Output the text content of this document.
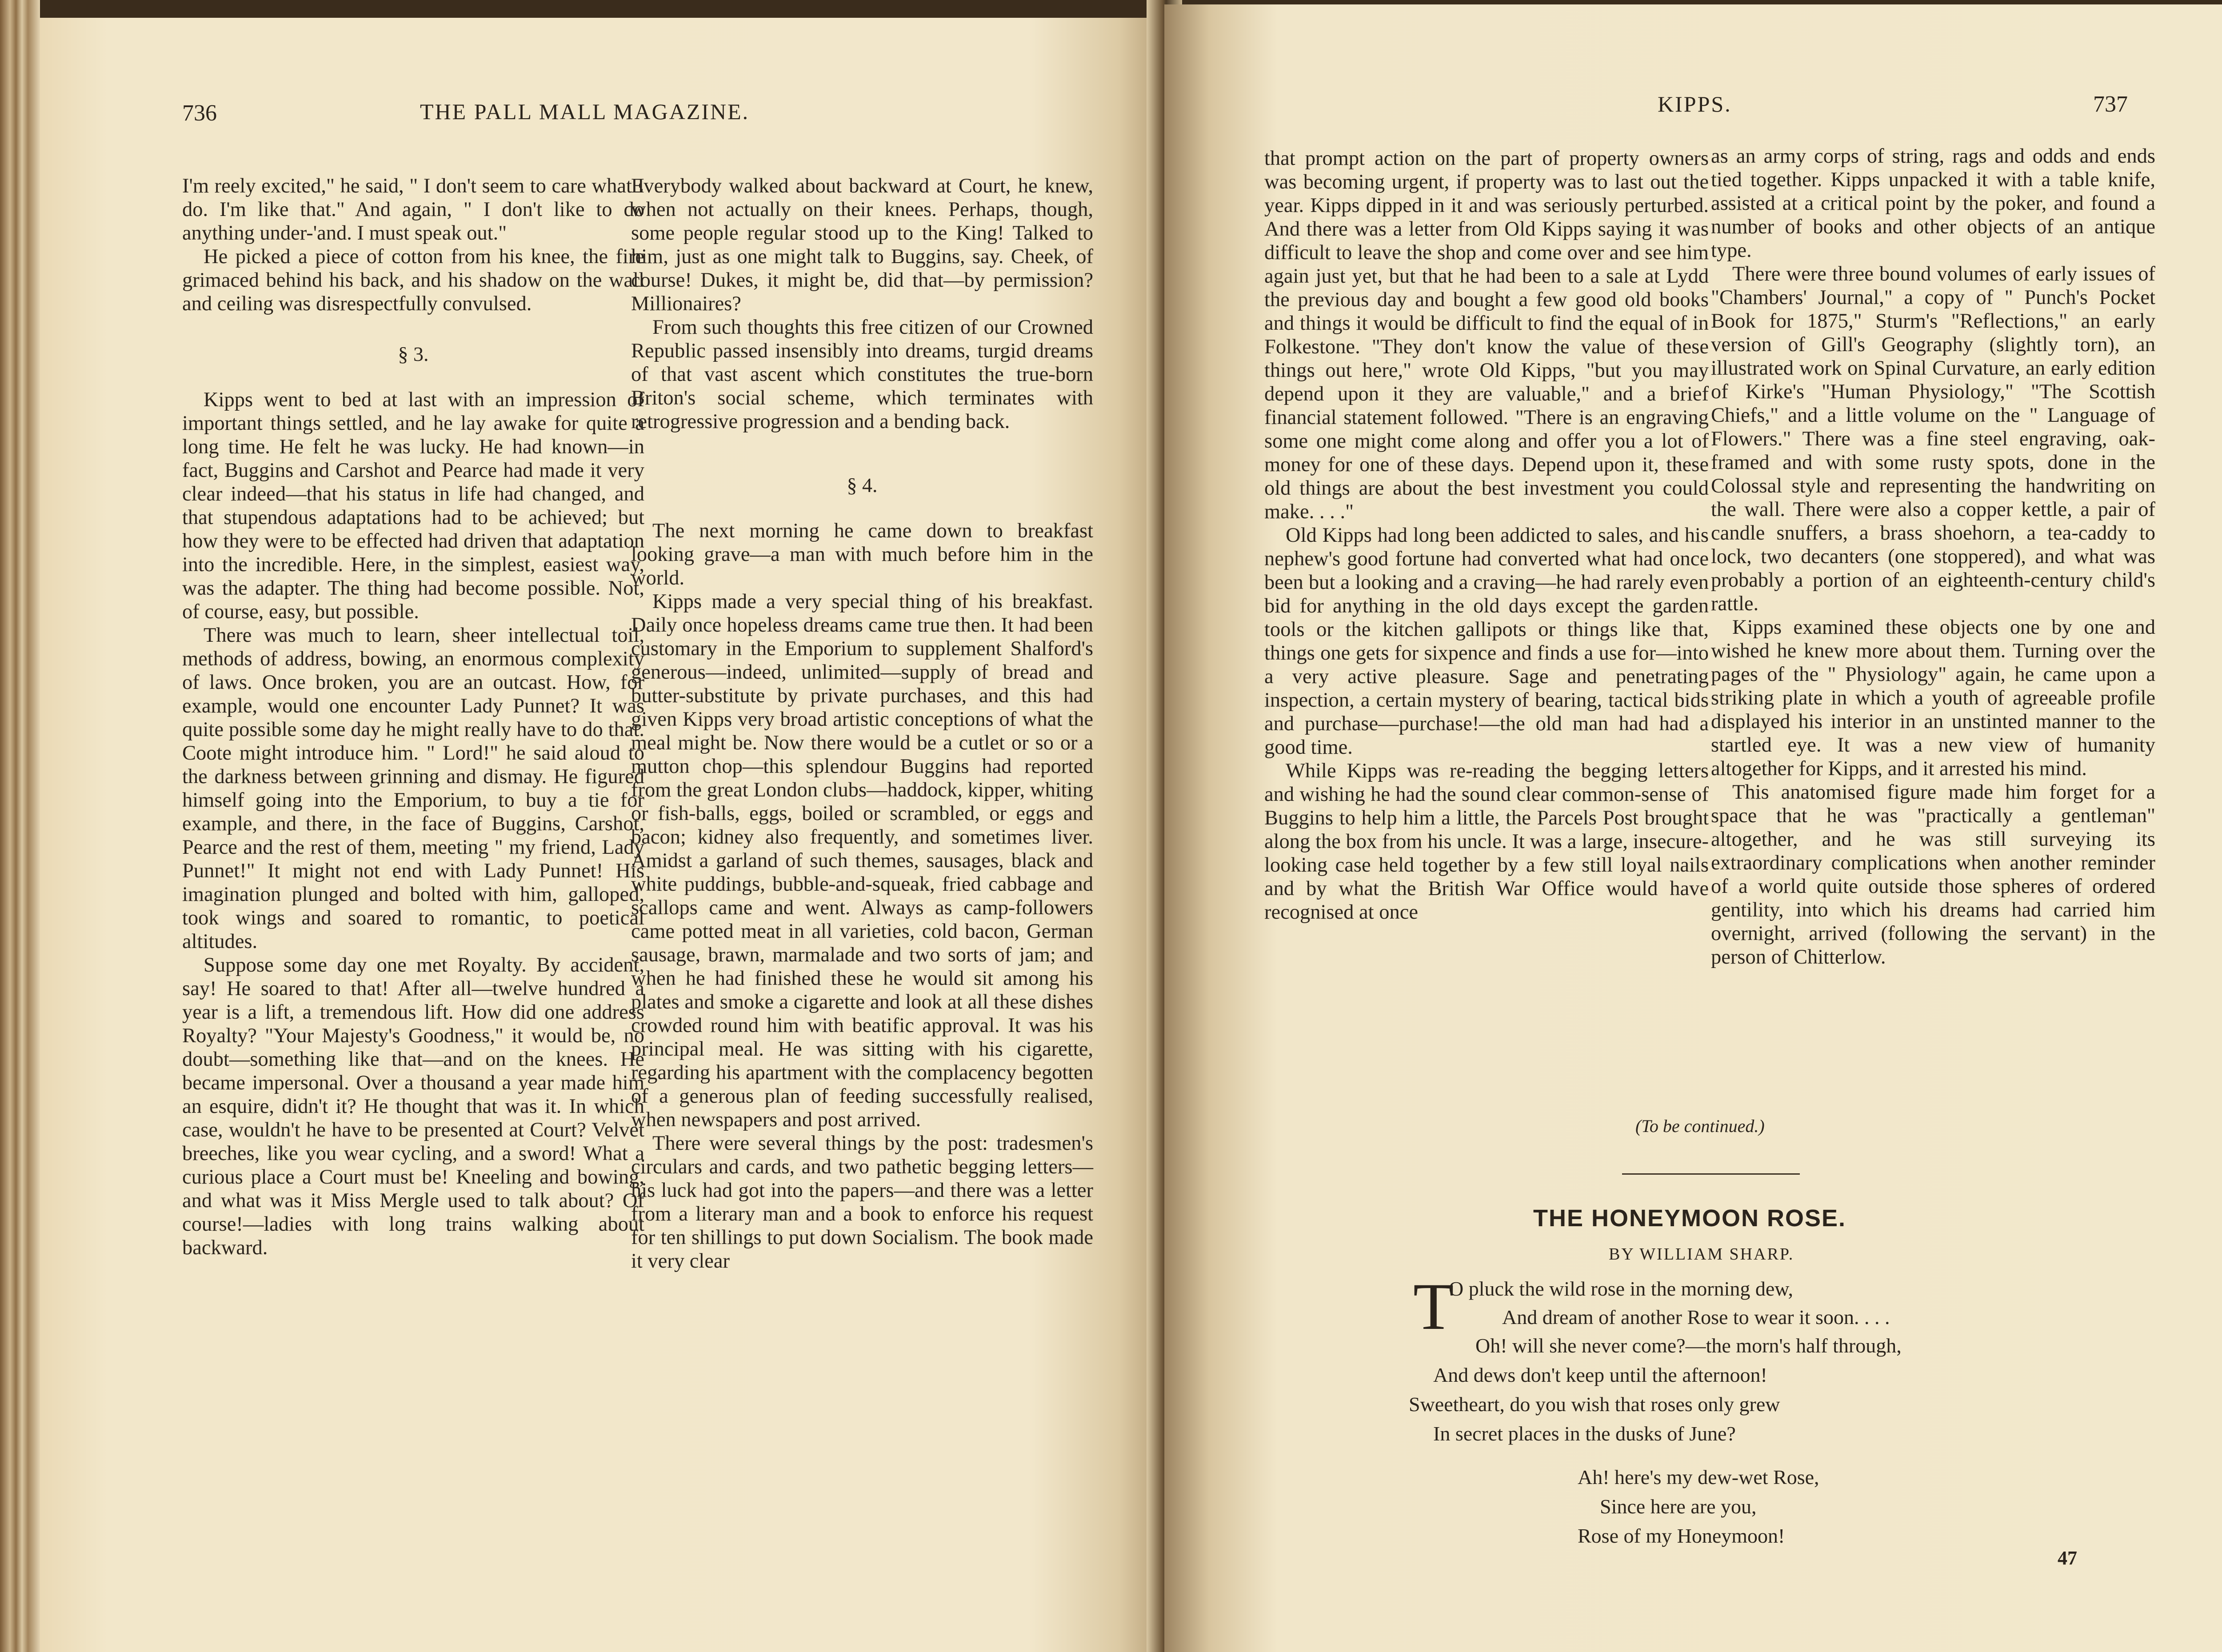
736	THE PALL MALL MAGAZINE.

I'm reely excited," he said, " I don't seem to care what I do. I'm like that." And again, " I don't like to do anything under-'and. I must speak out."

He picked a piece of cotton from his knee, the fire grimaced behind his back, and his shadow on the wall and ceiling was disrespectfully convulsed.

§ 3.

Kipps went to bed at last with an impression of important things settled, and he lay awake for quite a long time. He felt he was lucky. He had known—in fact, Buggins and Carshot and Pearce had made it very clear indeed—that his status in life had changed, and that stupendous adaptations had to be achieved; but how they were to be effected had driven that adaptation into the incredible. Here, in the simplest, easiest way, was the adapter. The thing had become possible. Not, of course, easy, but possible.

There was much to learn, sheer intellectual toil, methods of address, bowing, an enormous complexity of laws. Once broken, you are an outcast. How, for example, would one encounter Lady Punnet? It was quite possible some day he might really have to do that. Coote might introduce him. " Lord!" he said aloud to the darkness between grinning and dismay. He figured himself going into the Emporium, to buy a tie for example, and there, in the face of Buggins, Carshot, Pearce and the rest of them, meeting " my friend, Lady Punnet!" It might not end with Lady Punnet! His imagination plunged and bolted with him, galloped, took wings and soared to romantic, to poetical altitudes.

Suppose some day one met Royalty. By accident, say! He soared to that! After all—twelve hundred a year is a lift, a tremendous lift. How did one address Royalty? "Your Majesty's Goodness," it would be, no doubt—something like that—and on the knees. He became impersonal. Over a thousand a year made him an esquire, didn't it? He thought that was it. In which case, wouldn't he have to be presented at Court? Velvet breeches, like you wear cycling, and a sword! What a curious place a Court must be! Kneeling and bowing, and what was it Miss Mergle used to talk about? Of course!—ladies with long trains walking about backward.

Everybody walked about backward at Court, he knew, when not actually on their knees. Perhaps, though, some people regular stood up to the King! Talked to him, just as one might talk to Buggins, say. Cheek, of course! Dukes, it might be, did that—by permission? Millionaires?

From such thoughts this free citizen of our Crowned Republic passed insensibly into dreams, turgid dreams of that vast ascent which constitutes the true-born Briton's social scheme, which terminates with retrogressive progression and a bending back.

§ 4.

The next morning he came down to breakfast looking grave—a man with much before him in the world.

Kipps made a very special thing of his breakfast. Daily once hopeless dreams came true then. It had been customary in the Emporium to supplement Shalford's generous—indeed, unlimited—supply of bread and butter-substitute by private purchases, and this had given Kipps very broad artistic conceptions of what the meal might be. Now there would be a cutlet or so or a mutton chop—this splendour Buggins had reported from the great London clubs—haddock, kipper, whiting or fish-balls, eggs, boiled or scrambled, or eggs and bacon; kidney also frequently, and sometimes liver. Amidst a garland of such themes, sausages, black and white puddings, bubble-and-squeak, fried cabbage and scallops came and went. Always as camp-followers came potted meat in all varieties, cold bacon, German sausage, brawn, marmalade and two sorts of jam; and when he had finished these he would sit among his plates and smoke a cigarette and look at all these dishes crowded round him with beatific approval. It was his principal meal. He was sitting with his cigarette, regarding his apartment with the complacency begotten of a generous plan of feeding successfully realised, when newspapers and post arrived.

There were several things by the post: tradesmen's circulars and cards, and two pathetic begging letters—his luck had got into the papers—and there was a letter from a literary man and a book to enforce his request for ten shillings to put down Socialism. The book made it very clear

KIPPS.	737

that prompt action on the part of property owners was becoming urgent, if property was to last out the year. Kipps dipped in it and was seriously perturbed. And there was a letter from Old Kipps saying it was difficult to leave the shop and come over and see him again just yet, but that he had been to a sale at Lydd the previous day and bought a few good old books and things it would be difficult to find the equal of in Folkestone. "They don't know the value of these things out here," wrote Old Kipps, "but you may depend upon it they are valuable," and a brief financial statement followed. "There is an engraving some one might come along and offer you a lot of money for one of these days. Depend upon it, these old things are about the best investment you could make. . . ."

Old Kipps had long been addicted to sales, and his nephew's good fortune had converted what had once been but a looking and a craving—he had rarely even bid for anything in the old days except the garden tools or the kitchen gallipots or things like that, things one gets for sixpence and finds a use for—into a very active pleasure. Sage and penetrating inspection, a certain mystery of bearing, tactical bids and purchase—purchase!—the old man had had a good time.

While Kipps was re-reading the begging letters and wishing he had the sound clear common-sense of Buggins to help him a little, the Parcels Post brought along the box from his uncle. It was a large, insecure-looking case held together by a few still loyal nails and by what the British War Office would have recognised at once

as an army corps of string, rags and odds and ends tied together. Kipps unpacked it with a table knife, assisted at a critical point by the poker, and found a number of books and other objects of an antique type.

There were three bound volumes of early issues of "Chambers' Journal," a copy of " Punch's Pocket Book for 1875," Sturm's "Reflections," an early version of Gill's Geography (slightly torn), an illustrated work on Spinal Curvature, an early edition of Kirke's "Human Physiology," "The Scottish Chiefs," and a little volume on the " Language of Flowers." There was a fine steel engraving, oak-framed and with some rusty spots, done in the Colossal style and representing the handwriting on the wall. There were also a copper kettle, a pair of candle snuffers, a brass shoehorn, a tea-caddy to lock, two decanters (one stoppered), and what was probably a portion of an eighteenth-century child's rattle.

Kipps examined these objects one by one and wished he knew more about them. Turning over the pages of the " Physiology" again, he came upon a striking plate in which a youth of agreeable profile displayed his interior in an unstinted manner to the startled eye. It was a new view of humanity altogether for Kipps, and it arrested his mind.

This anatomised figure made him forget for a space that he was "practically a gentleman" altogether, and he was still surveying its extraordinary complications when another reminder of a world quite outside those spheres of ordered gentility, into which his dreams had carried him overnight, arrived (following the servant) in the person of Chitterlow.

(To be continued.)
THE HONEYMOON ROSE.
BY WILLIAM SHARP.
T
O pluck the wild rose in the morning dew,
And dream of another Rose to wear it soon. . . .
Oh! will she never come?—the morn's half through,
And dews don't keep until the afternoon!
Sweetheart, do you wish that roses only grew
In secret places in the dusks of June?
Ah! here's my dew-wet Rose,
Since here are you,
Rose of my Honeymoon!
47
